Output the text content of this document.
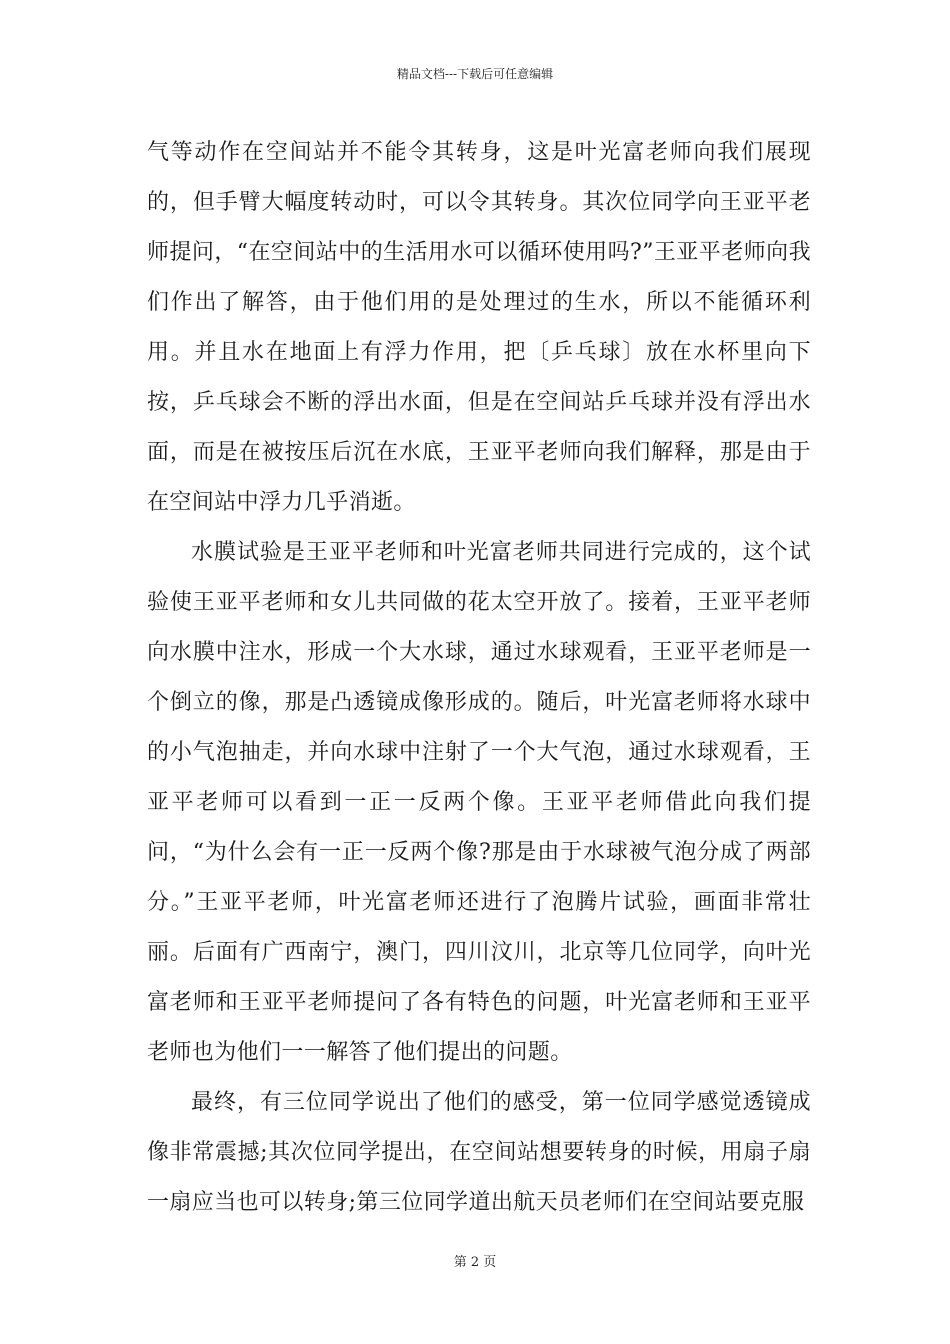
精品文档---下载后可任意编辑

气等动作在空间站并不能令其转身，这是叶光富老师向我们展现的，但手臂大幅度转动时，可以令其转身。其次位同学向王亚平老师提问，“在空间站中的生活用水可以循环使用吗?”王亚平老师向我们作出了解答，由于他们用的是处理过的生水，所以不能循环利用。并且水在地面上有浮力作用，把〔乒乓球〕放在水杯里向下按，乒乓球会不断的浮出水面，但是在空间站乒乓球并没有浮出水面，而是在被按压后沉在水底，王亚平老师向我们解释，那是由于在空间站中浮力几乎消逝。

水膜试验是王亚平老师和叶光富老师共同进行完成的，这个试验使王亚平老师和女儿共同做的花太空开放了。接着，王亚平老师向水膜中注水，形成一个大水球，通过水球观看，王亚平老师是一个倒立的像，那是凸透镜成像形成的。随后，叶光富老师将水球中的小气泡抽走，并向水球中注射了一个大气泡，通过水球观看，王亚平老师可以看到一正一反两个像。王亚平老师借此向我们提问，“为什么会有一正一反两个像?那是由于水球被气泡分成了两部分。”王亚平老师，叶光富老师还进行了泡腾片试验，画面非常壮丽。后面有广西南宁，澳门，四川汶川，北京等几位同学，向叶光富老师和王亚平老师提问了各有特色的问题，叶光富老师和王亚平老师也为他们一一解答了他们提出的问题。

最终，有三位同学说出了他们的感受，第一位同学感觉透镜成像非常震撼;其次位同学提出，在空间站想要转身的时候，用扇子扇一扇应当也可以转身;第三位同学道出航天员老师们在空间站要克服

第 2 页
